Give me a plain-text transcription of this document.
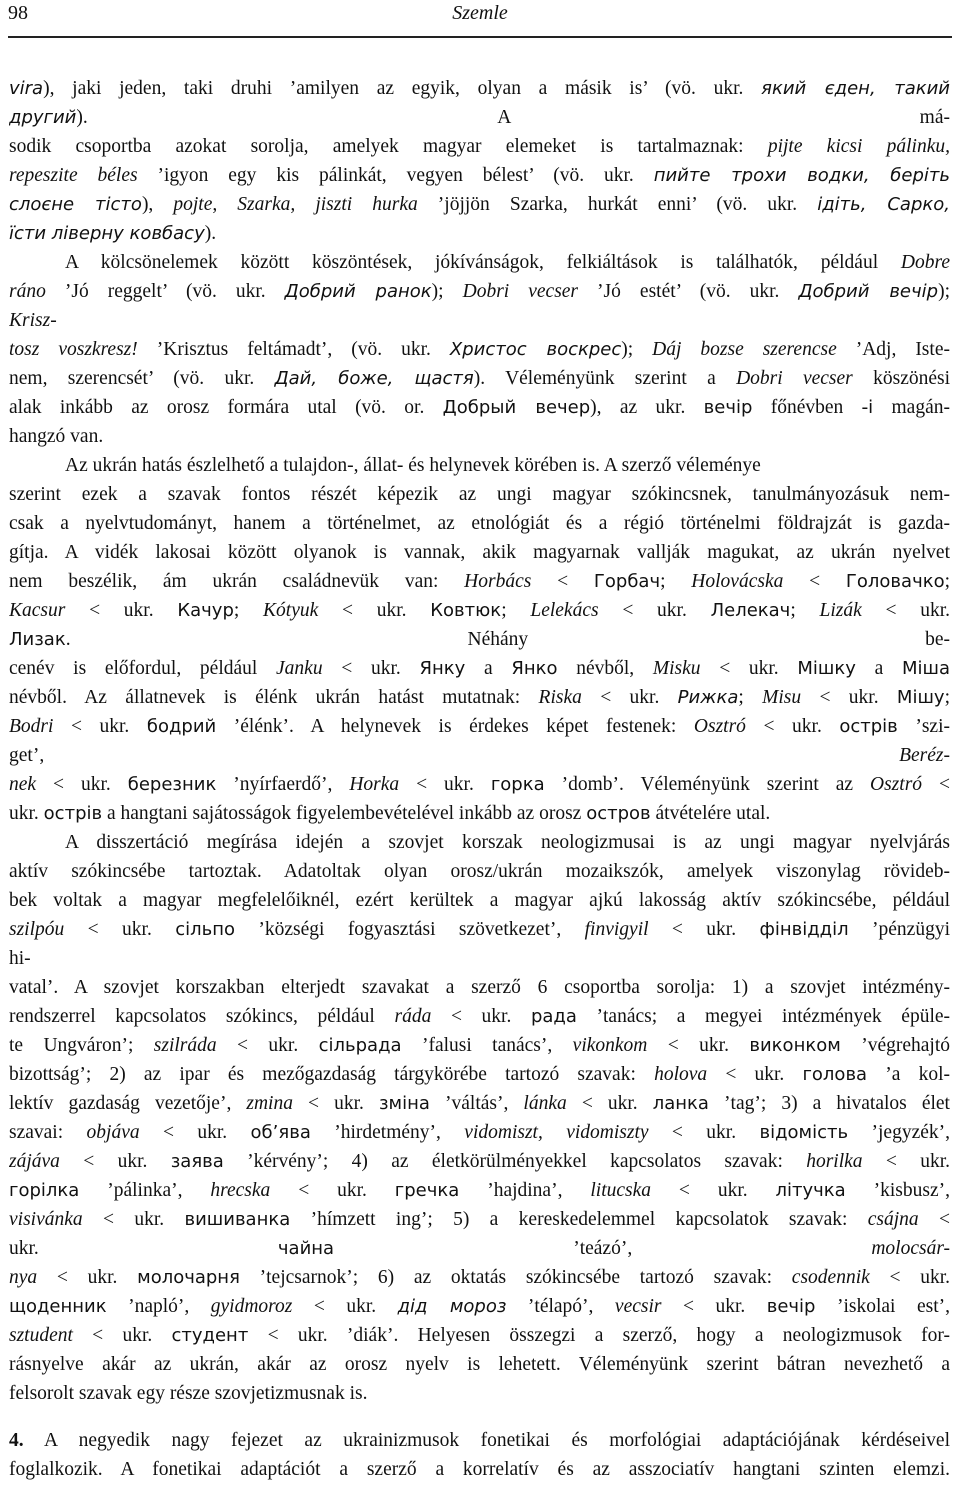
98	Szemle
vira), jaki jeden, taki druhi ’amilyen az egyik, olyan a másik is’ (vö. ukr. який єден, такий
другий). A má-
sodik csoportba azokat sorolja, amelyek magyar elemeket is tartalmaznak: pijte kicsi pálinku,
repeszite béles ’igyon egy kis pálinkát, vegyen bélest’ (vö. ukr. пийте трохи водки, беріть
слоєне тісто), pojte, Szarka, jiszti hurka ’jöjjön Szarka, hurkát enni’ (vö. ukr. ідіть, Сарко,
їсти ліверну ковбасу).
A kölcsönelemek között köszöntések, jókívánságok, felkiáltások is találhatók, például Dobre
ráno ’Jó reggelt’ (vö. ukr. Добрий ранок); Dobri vecser ’Jó estét’ (vö. ukr. Добрий вечір);
Krisz-
tosz voszkresz! ’Krisztus feltámadt’, (vö. ukr. Христос воскрес); Dáj bozse szerencse ’Adj, Iste-
nem, szerencsét’ (vö. ukr. Дай, боже, щастя). Véleményünk szerint a Dobri vecser köszönési
alak inkább az orosz formára utal (vö. or. Добрый вечер), az ukr. вечір főnévben -і magán-
hangzó van.
Az ukrán hatás észlelhető a tulajdon-, állat- és helynevek körében is. A szerző véleménye
szerint ezek a szavak fontos részét képezik az ungi magyar szókincsnek, tanulmányozásuk nem-
csak a nyelvtudományt, hanem a történelmet, az etnológiát és a régió történelmi földrajzát is gazda-
gítja. A vidék lakosai között olyanok is vannak, akik magyarnak vallják magukat, az ukrán nyelvet
nem beszélik, ám ukrán családnevük van: Horbács < Горбач; Holovácska < Головачко;
Kacsur < ukr. Качур; Kótyuk < ukr. Ковтюк; Lelekács < ukr. Лелекач; Lizák < ukr.
Лизак. Néhány be-
cenév is előfordul, például Janku < ukr. Янку a Янко névből, Misku < ukr. Мішку a Міша
névből. Az állatnevek is élénk ukrán hatást mutatnak: Riska < ukr. Рижка; Misu < ukr. Мішу;
Bodri < ukr. бодрий ’élénk’. A helynevek is érdekes képet festenek: Osztró < ukr. острів ’szi-
get’, Beréz-
nek < ukr. березник ’nyírfaerdő’, Horka < ukr. горка ’domb’. Véleményünk szerint az Osztró <
ukr. острів a hangtani sajátosságok figyelembevételével inkább az orosz остров átvételére utal.
A disszertáció megírása idején a szovjet korszak neologizmusai is az ungi magyar nyelvjárás
aktív szókincsébe tartoztak. Adatoltak olyan orosz/ukrán mozaikszók, amelyek viszonylag rövideb-
bek voltak a magyar megfelelőiknél, ezért kerültek a magyar ajkú lakosság aktív szókincsébe, például
szilpóu < ukr. сільпо ’községi fogyasztási szövetkezet’, finvigyil < ukr. фінвідділ ’pénzügyi
hi-
vatal’. A szovjet korszakban elterjedt szavakat a szerző 6 csoportba sorolja: 1) a szovjet intézmény-
rendszerrel kapcsolatos szókincs, például ráda < ukr. рада ’tanács; a megyei intézmények épüle-
te Ungváron’; szilráda < ukr. сільрада ’falusi tanács’, vikonkom < ukr. виконком ’végrehajtó
bizottság’; 2) az ipar és mezőgazdaság tárgykörébe tartozó szavak: holova < ukr. голова ’a kol-
lektív gazdaság vezetője’, zmina < ukr. зміна ’váltás’, lánka < ukr. ланка ’tag’; 3) a hivatalos élet
szavai: objáva < ukr. об’ява ’hirdetmény’, vidomiszt, vidomiszty < ukr. відомість ’jegyzék’,
zájáva < ukr. заява ’kérvény’; 4) az életkörülményekkel kapcsolatos szavak: horilka < ukr.
горілка ’pálinka’, hrecska < ukr. гречка ’hajdina’, litucska < ukr. літучка ’kisbusz’,
visivánka < ukr. вишиванка ’hímzett ing’; 5) a kereskedelemmel kapcsolatok szavak: csájna <
ukr. чайна ’teázó’, molocsár-
nya < ukr. молочарня ’tejcsarnok’; 6) az oktatás szókincsébe tartozó szavak: csodennik < ukr.
щоденник ’napló’, gyidmoroz < ukr. дід мороз ’télapó’, vecsir < ukr. вечір ’iskolai est’,
sztudent < ukr. студент < ukr. ’diák’. Helyesen összegzi a szerző, hogy a neologizmusok for-
rásnyelve akár az ukrán, akár az orosz nyelv is lehetett. Véleményünk szerint bátran nevezhető a
felsorolt szavak egy része szovjetizmusnak is.
4. A negyedik nagy fejezet az ukrainizmusok fonetikai és morfológiai adaptációjának kérdéseivel
foglalkozik. A fonetikai adaptációt a szerző a korrelatív és az asszociatív hangtani szinten elemzi.
